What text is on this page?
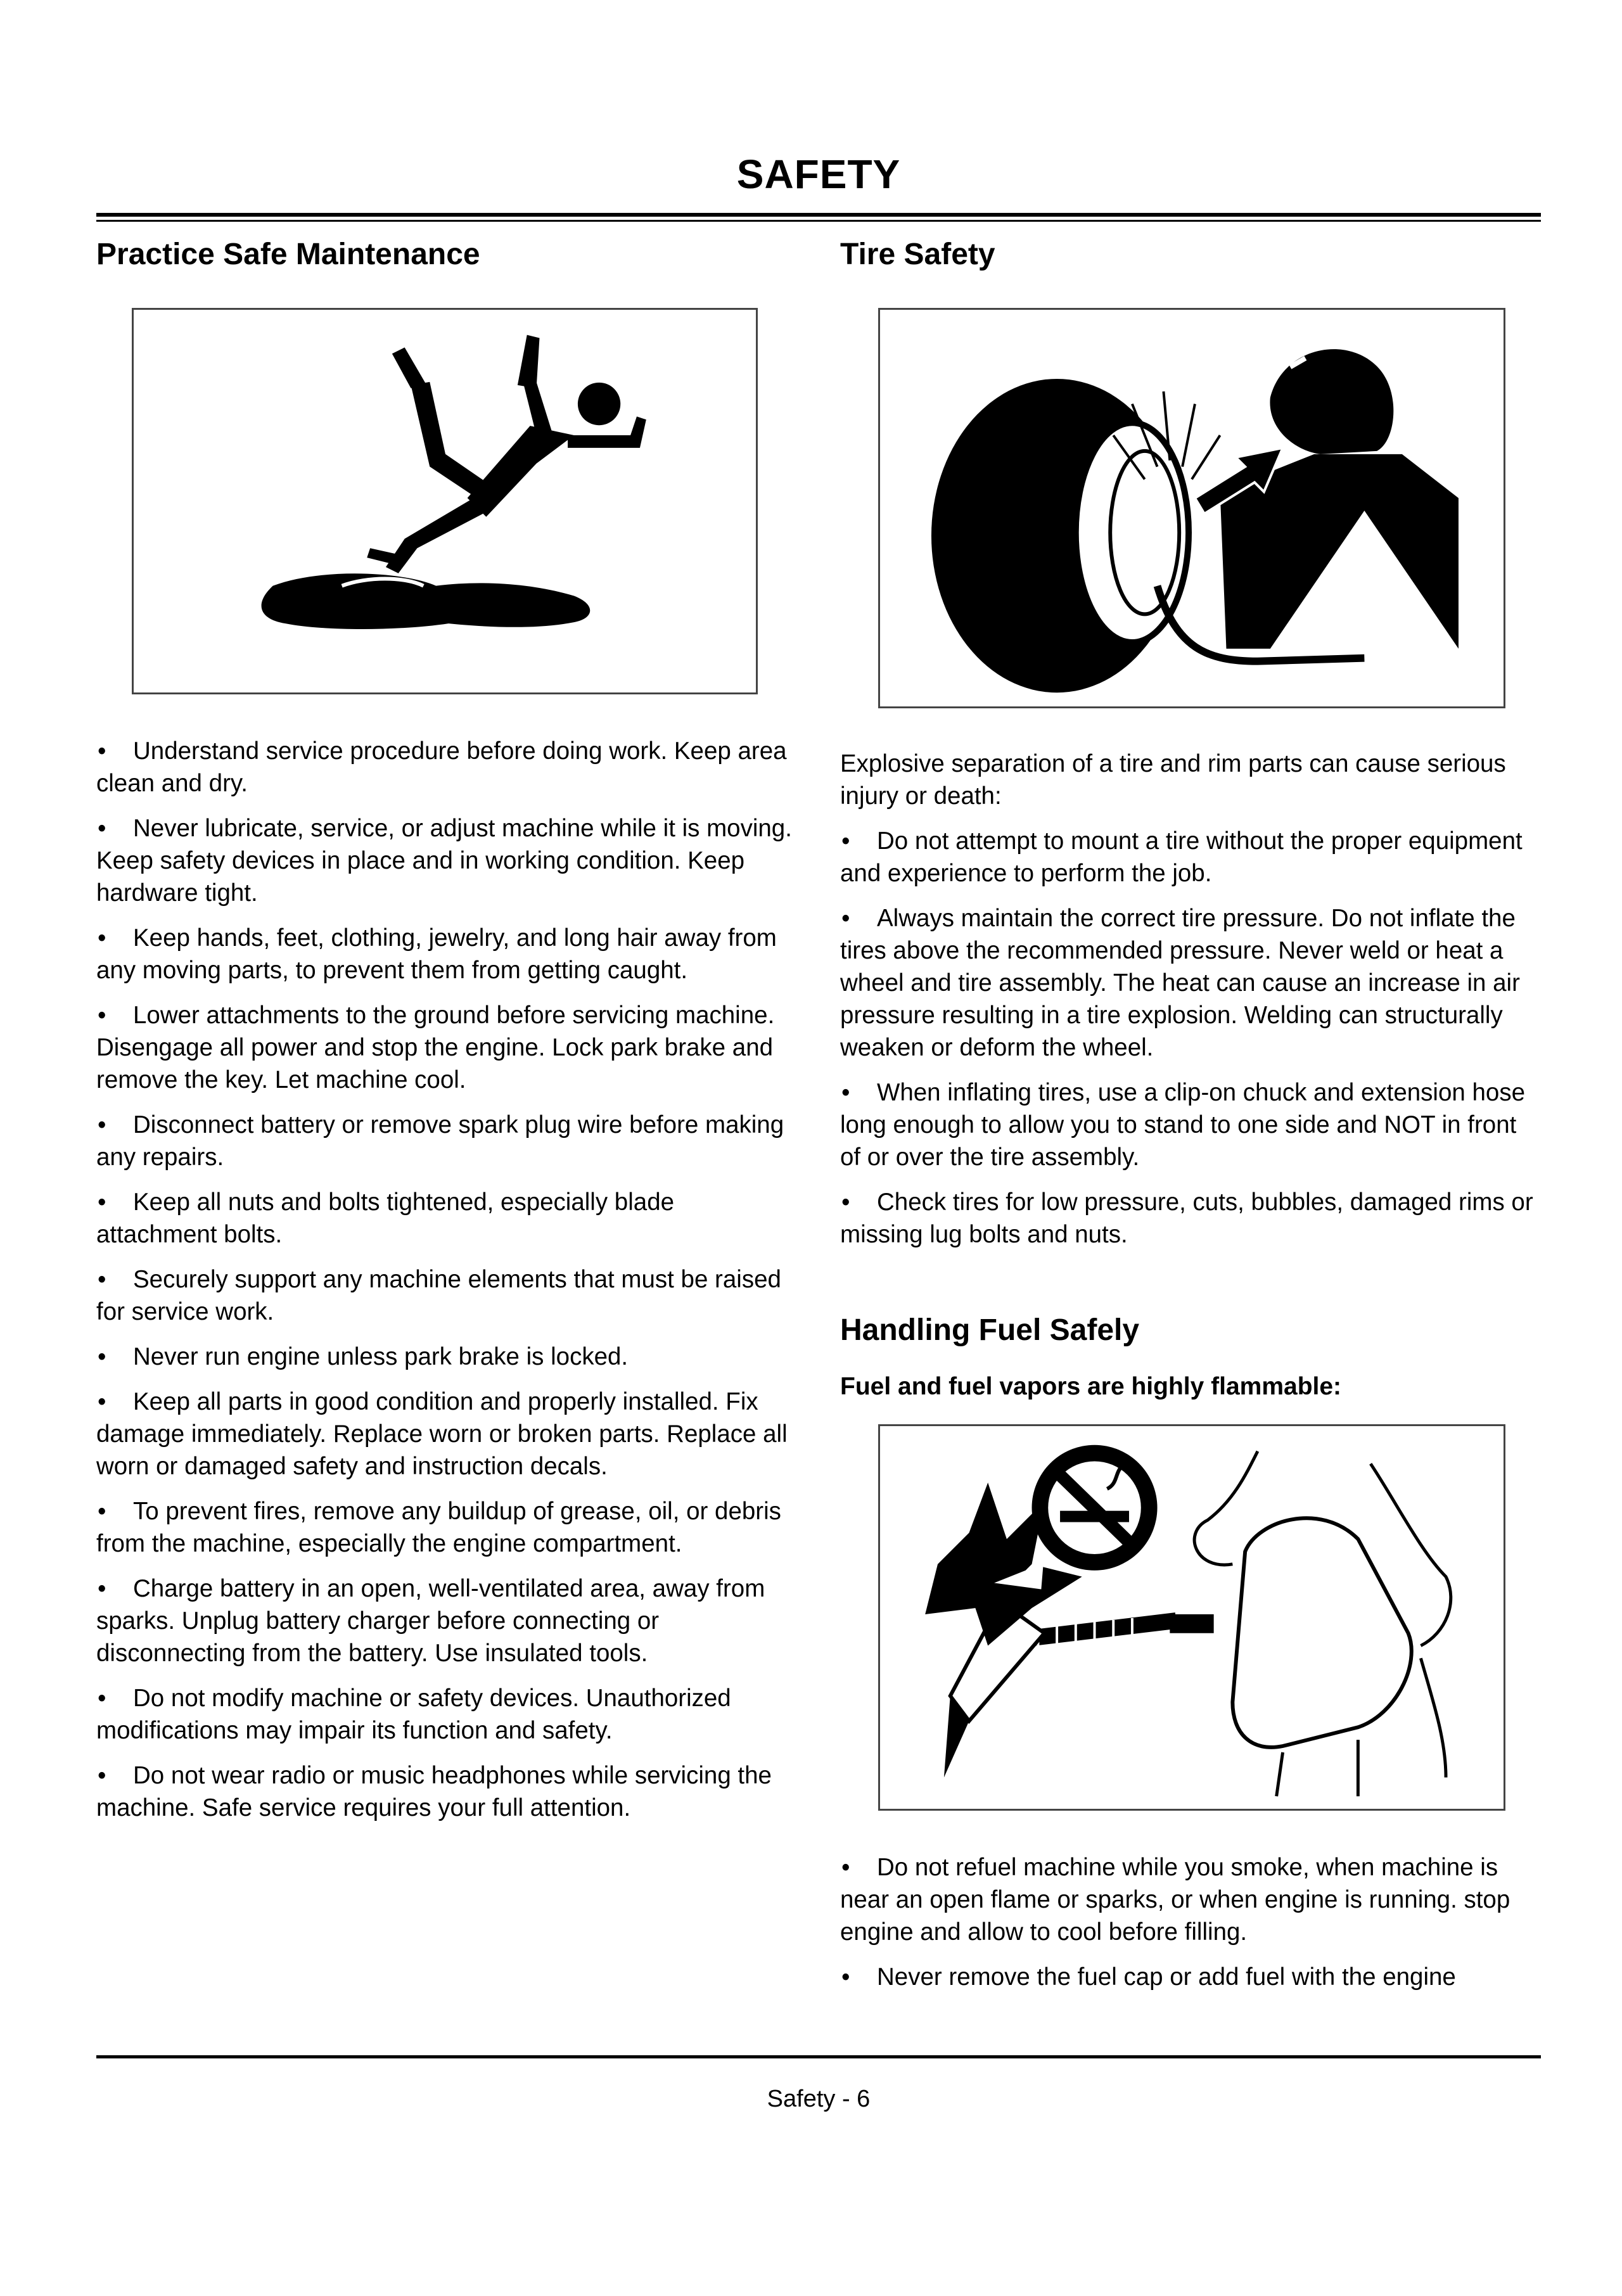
SAFETY
Practice Safe Maintenance

• Understand service procedure before doing work. Keep area clean and dry.

• Never lubricate, service, or adjust machine while it is moving. Keep safety devices in place and in working condition. Keep hardware tight.

• Keep hands, feet, clothing, jewelry, and long hair away from any moving parts, to prevent them from getting caught.

• Lower attachments to the ground before servicing machine. Disengage all power and stop the engine. Lock park brake and remove the key. Let machine cool.

• Disconnect battery or remove spark plug wire before making any repairs.

• Keep all nuts and bolts tightened, especially blade attachment bolts.

• Securely support any machine elements that must be raised for service work.

• Never run engine unless park brake is locked.

• Keep all parts in good condition and properly installed. Fix damage immediately. Replace worn or broken parts. Replace all worn or damaged safety and instruction decals.

• To prevent fires, remove any buildup of grease, oil, or debris from the machine, especially the engine compartment.

• Charge battery in an open, well-ventilated area, away from sparks. Unplug battery charger before connecting or disconnecting from the battery. Use insulated tools.

• Do not modify machine or safety devices. Unauthorized modifications may impair its function and safety.

• Do not wear radio or music headphones while servicing the machine. Safe service requires your full attention.

Tire Safety

Explosive separation of a tire and rim parts can cause serious injury or death:

• Do not attempt to mount a tire without the proper equipment and experience to perform the job.

• Always maintain the correct tire pressure. Do not inflate the tires above the recommended pressure. Never weld or heat a wheel and tire assembly. The heat can cause an increase in air pressure resulting in a tire explosion. Welding can structurally weaken or deform the wheel.

• When inflating tires, use a clip-on chuck and extension hose long enough to allow you to stand to one side and NOT in front of or over the tire assembly.

• Check tires for low pressure, cuts, bubbles, damaged rims or missing lug bolts and nuts.

Handling Fuel Safely

Fuel and fuel vapors are highly flammable:

• Do not refuel machine while you smoke, when machine is near an open flame or sparks, or when engine is running. stop engine and allow to cool before filling.

• Never remove the fuel cap or add fuel with the engine

Safety - 6
